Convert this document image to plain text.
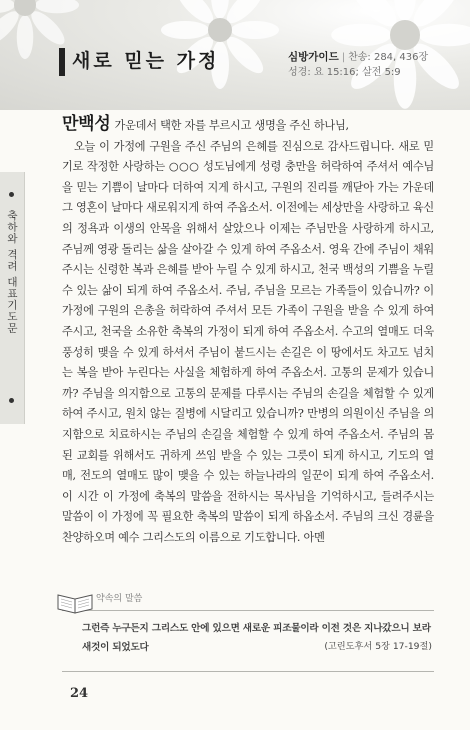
새로 믿는 가정	심방가이드 | 찬송: 284, 436장
성경: 요 15:16; 살전 5:9
축하와 격려 대표기도문

만백성 가운데서 택한 자를 부르시고 생명을 주신 하나님,

오늘 이 가정에 구원을 주신 주님의 은혜를 진심으로 감사드립니다. 새로 믿기로 작정한 사랑하는 ○○○ 성도님에게 성령 충만을 허락하여 주셔서 예수님을 믿는 기쁨이 날마다 더하여 지게 하시고, 구원의 진리를 깨닫아 가는 가운데 그 영혼이 날마다 새로워지게 하여 주옵소서. 이전에는 세상만을 사랑하고 육신의 정욕과 이생의 안목을 위해서 살았으나 이제는 주님만을 사랑하게 하시고, 주님께 영광 돌리는 삶을 살아갈 수 있게 하여 주옵소서. 영육 간에 주님이 채워 주시는 신령한 복과 은혜를 받아 누릴 수 있게 하시고, 천국 백성의 기쁨을 누릴 수 있는 삶이 되게 하여 주옵소서. 주님, 주님을 모르는 가족들이 있습니까? 이 가정에 구원의 은총을 허락하여 주셔서 모든 가족이 구원을 받을 수 있게 하여 주시고, 천국을 소유한 축복의 가정이 되게 하여 주옵소서. 수고의 열매도 더욱 풍성히 맺을 수 있게 하셔서 주님이 붙드시는 손길은 이 땅에서도 차고도 넘치는 복을 받아 누린다는 사실을 체험하게 하여 주옵소서. 고통의 문제가 있습니까? 주님을 의지함으로 고통의 문제를 다루시는 주님의 손길을 체험할 수 있게 하여 주시고, 원치 않는 질병에 시달리고 있습니까? 만병의 의원이신 주님을 의지함으로 치료하시는 주님의 손길을 체험할 수 있게 하여 주옵소서. 주님의 몸된 교회를 위해서도 귀하게 쓰임 받을 수 있는 그릇이 되게 하시고, 기도의 열매, 전도의 열매도 많이 맺을 수 있는 하늘나라의 일꾼이 되게 하여 주옵소서. 이 시간 이 가정에 축복의 말씀을 전하시는 목사님을 기억하시고, 들려주시는 말씀이 이 가정에 꼭 필요한 축복의 말씀이 되게 하옵소서. 주님의 크신 경륜을 찬양하오며 예수 그리스도의 이름으로 기도합니다. 아멘

약속의 말씀
그런즉 누구든지 그리스도 안에 있으면 새로운 피조물이라 이전 것은 지나갔으니 보라 새것이 되었도다	(고린도후서 5장 17-19절)
24
